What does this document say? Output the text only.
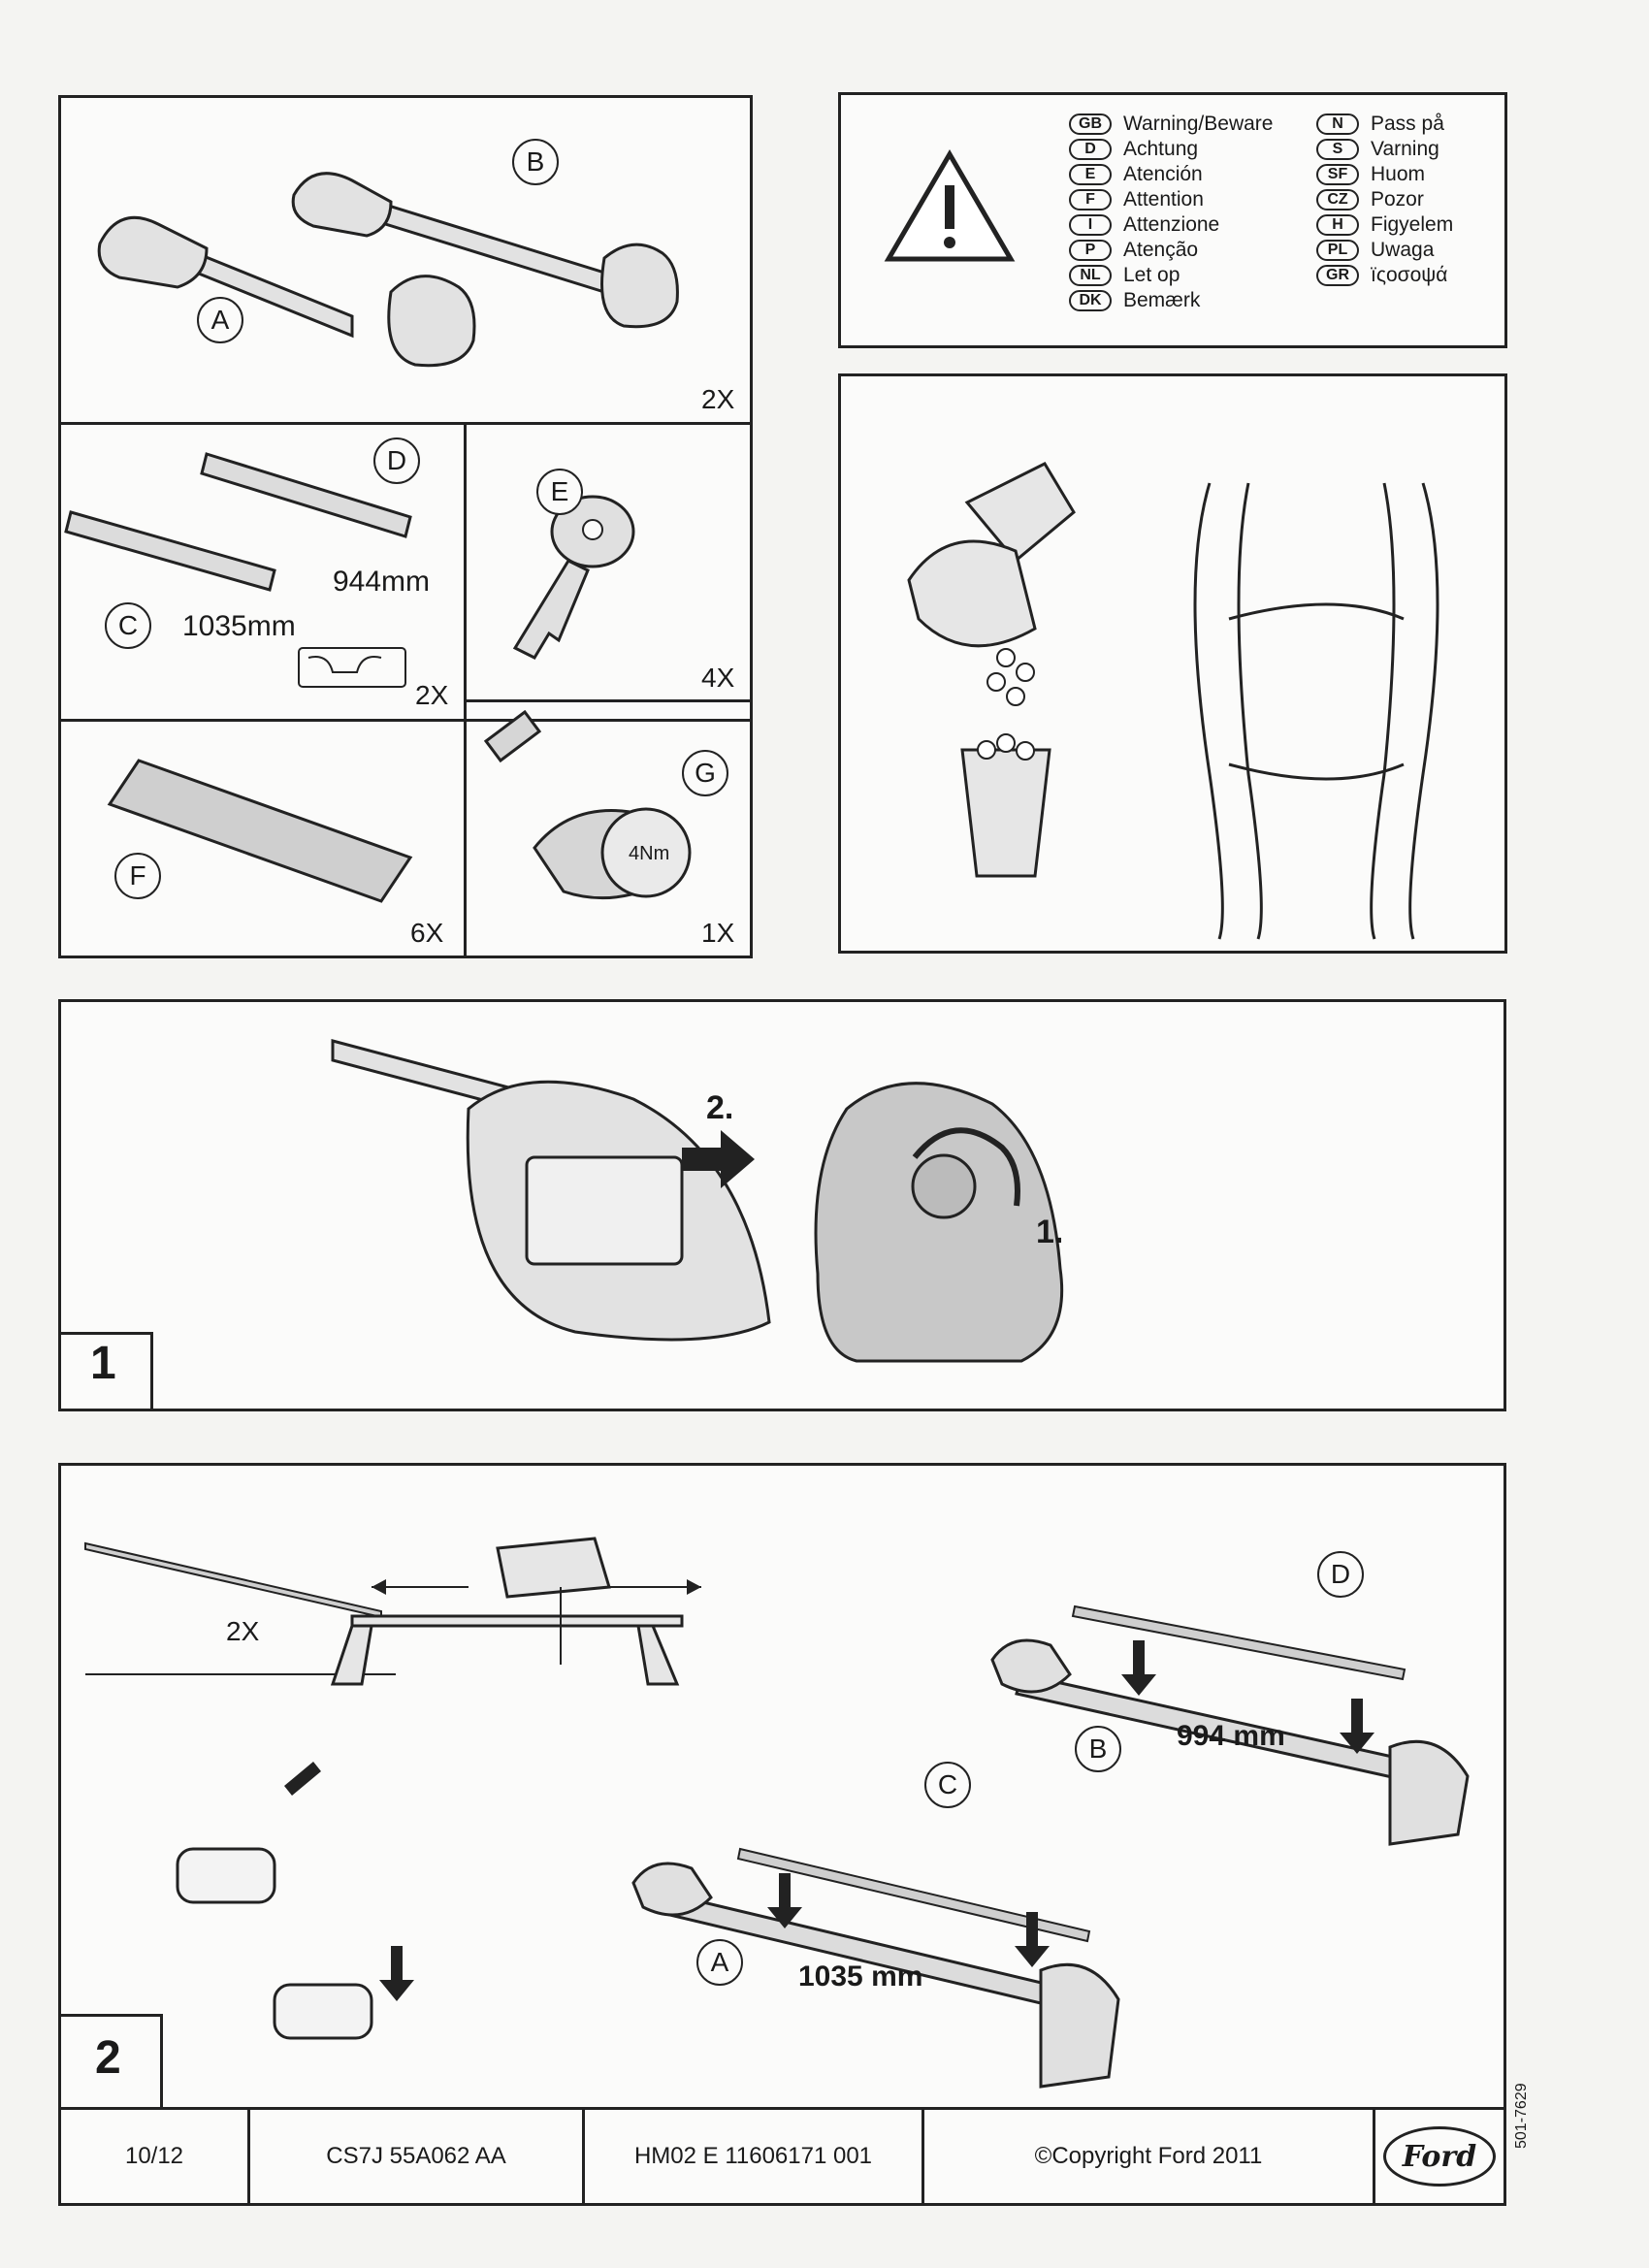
A
B
2X
D
C
944mm
1035mm
2X
E
4X
F
6X
G
4Nm
1X
GB	Warning/Beware
D	Achtung
E	Atención
F	Attention
I	Attenzione
P	Atenção
NL	Let op
DK	Bemærk
N	Pass på
S	Varning
SF	Huom
CZ	Pozor
H	Figyelem
PL	Uwaga
GR	ïςοσοψά
2.
1.
1
2X
D
B
C
A
994 mm
1035 mm
2
10/12	CS7J 55A062 AA	HM02 E 11606171 001	©Copyright Ford 2011	Ford
501-7629
